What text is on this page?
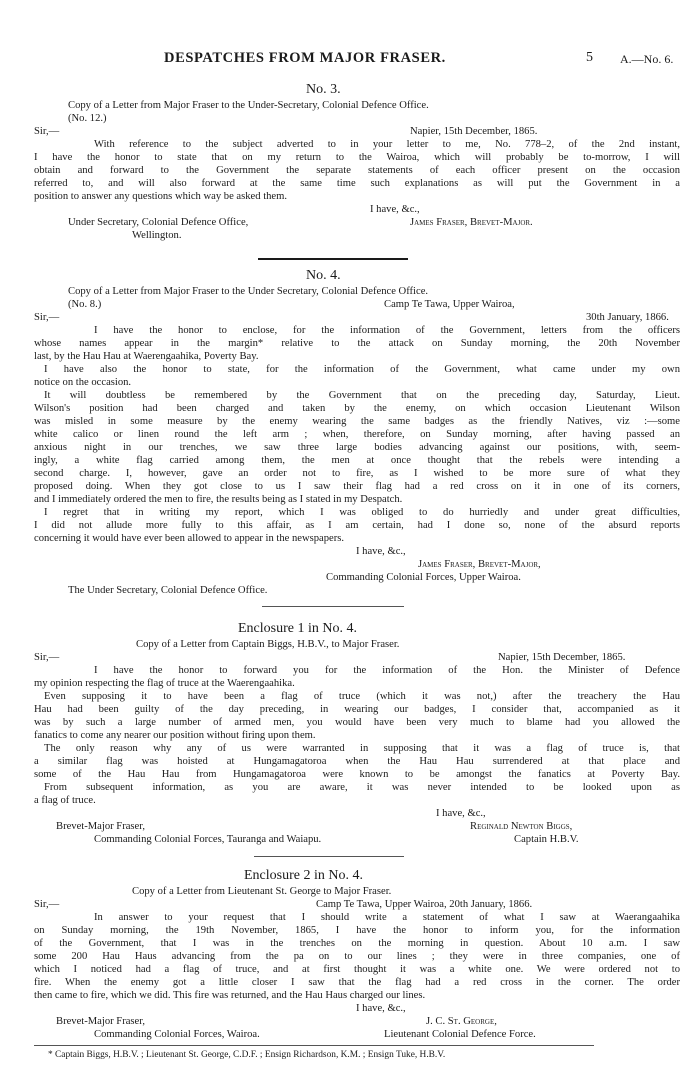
DESPATCHES FROM MAJOR FRASER.	5 A.—No. 6.
No. 3.
Copy of a Letter from Major Fraser to the Under-Secretary, Colonial Defence Office.
(No. 12.)
Sir,—	Napier, 15th December, 1865.
With reference to the subject adverted to in your letter to me, No. 778–2, of the 2nd instant,
I have the honor to state that on my return to the Wairoa, which will probably be to-morrow, I will
obtain and forward to the Government the separate statements of each officer present on the occasion
referred to, and will also forward at the same time such explanations as will put the Government in a
position to answer any questions which way be asked them.
I have, &c.,
James Fraser, Brevet-Major.
Under Secretary, Colonial Defence Office,
Wellington.
No. 4.
Copy of a Letter from Major Fraser to the Under Secretary, Colonial Defence Office.
(No. 8.)	Camp Te Tawa, Upper Wairoa,
Sir,—	30th January, 1866.
I have the honor to enclose, for the information of the Government, letters from the officers
whose names appear in the margin* relative to the attack on Sunday morning, the 20th November
last, by the Hau Hau at Waerengaahika, Poverty Bay.
I have also the honor to state, for the information of the Government, what came under my own
notice on the occasion.
It will doubtless be remembered by the Government that on the preceding day, Saturday, Lieut.
Wilson's position had been charged and taken by the enemy, on which occasion Lieutenant Wilson
was misled in some measure by the enemy wearing the same badges as the friendly Natives, viz :—some
white calico or linen round the left arm ; when, therefore, on Sunday morning, after having passed an
anxious night in our trenches, we saw three large bodies advancing against our positions, with, seem-
ingly, a white flag carried among them, the men at once thought that the rebels were intending a
second charge. I, however, gave an order not to fire, as I wished to be more sure of what they
proposed doing. When they got close to us I saw their flag had a red cross on it in one of its corners,
and I immediately ordered the men to fire, the results being as I stated in my Despatch.
I regret that in writing my report, which I was obliged to do hurriedly and under great difficulties,
I did not allude more fully to this affair, as I am certain, had I done so, none of the absurd reports
concerning it would have ever been allowed to appear in the newspapers.
I have, &c.,
James Fraser, Brevet-Major,
Commanding Colonial Forces, Upper Wairoa.
The Under Secretary, Colonial Defence Office.
Enclosure 1 in No. 4.
Copy of a Letter from Captain Biggs, H.B.V., to Major Fraser.
Sir,—	Napier, 15th December, 1865.
I have the honor to forward you for the information of the Hon. the Minister of Defence
my opinion respecting the flag of truce at the Waerengaahika.
Even supposing it to have been a flag of truce (which it was not,) after the treachery the Hau
Hau had been guilty of the day preceding, in wearing our badges, I consider that, accompanied as it
was by such a large number of armed men, you would have been very much to blame had you allowed the
fanatics to come any nearer our position without firing upon them.
The only reason why any of us were warranted in supposing that it was a flag of truce is, that
a similar flag was hoisted at Hungamagatoroa when the Hau Hau surrendered at that place and
some of the Hau Hau from Hungamagatoroa were known to be amongst the fanatics at Poverty Bay.
From subsequent information, as you are aware, it was never intended to be looked upon as
a flag of truce.
I have, &c.,
Brevet-Major Fraser,	Reginald Newton Biggs,
Commanding Colonial Forces, Tauranga and Waiapu.	Captain H.B.V.
Enclosure 2 in No. 4.
Copy of a Letter from Lieutenant St. George to Major Fraser.
Sir,—	Camp Te Tawa, Upper Wairoa, 20th January, 1866.
In answer to your request that I should write a statement of what I saw at Waerangaahika
on Sunday morning, the 19th November, 1865, I have the honor to inform you, for the information
of the Government, that I was in the trenches on the morning in question. About 10 a.m. I saw
some 200 Hau Haus advancing from the pa on to our lines ; they were in three companies, one of
which I noticed had a flag of truce, and at first thought it was a white one. We were ordered not to
fire. When the enemy got a little closer I saw that the flag had a red cross in the corner. The order
then came to fire, which we did. This fire was returned, and the Hau Haus charged our lines.
I have, &c.,
Brevet-Major Fraser,	J. C. St. George,
Commanding Colonial Forces, Wairoa.	Lieutenant Colonial Defence Force.
* Captain Biggs, H.B.V. ; Lieutenant St. George, C.D.F. ; Ensign Richardson, K.M. ; Ensign Tuke, H.B.V.
